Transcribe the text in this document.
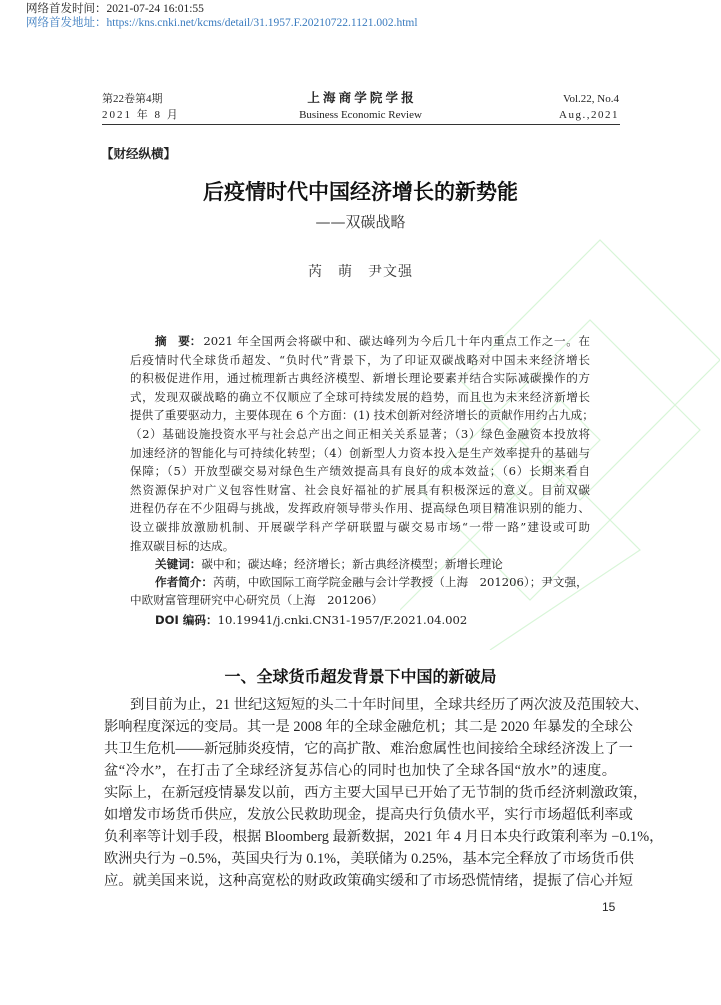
网络首发时间：2021-07-24 16:01:55
网络首发地址：https://kns.cnki.net/kcms/detail/31.1957.F.20210722.1121.002.html
第22卷第4期
2021 年 8 月
上 海 商 学 院 学 报
Business Economic Review
Vol.22, No.4
Aug.,2021
【财经纵横】
后疫情时代中国经济增长的新势能
——双碳战略
芮　萌　尹文强
摘　要： 2021 年全国两会将碳中和、碳达峰列为今后几十年内重点工作之一。在
后疫情时代全球货币超发、“负时代”背景下，为了印证双碳战略对中国未来经济增长
的积极促进作用，通过梳理新古典经济模型、新增长理论要素并结合实际减碳操作的方
式，发现双碳战略的确立不仅顺应了全球可持续发展的趋势，而且也为未来经济新增长
提供了重要驱动力，主要体现在 6 个方面：(1) 技术创新对经济增长的贡献作用约占九成；
（2）基础设施投资水平与社会总产出之间正相关关系显著；（3）绿色金融资本投放将
加速经济的智能化与可持续化转型；（4）创新型人力资本投入是生产效率提升的基础与
保障；（5）开放型碳交易对绿色生产绩效提高具有良好的成本效益；（6）长期来看自
然资源保护对广义包容性财富、社会良好福祉的扩展具有积极深远的意义。目前双碳
进程仍存在不少阻碍与挑战，发挥政府领导带头作用、提高绿色项目精准识别的能力、
设立碳排放激励机制、开展碳学科产学研联盟与碳交易市场“一带一路”建设或可助
推双碳目标的达成。
关键词：碳中和；碳达峰；经济增长；新古典经济模型；新增长理论
作者简介：芮萌，中欧国际工商学院金融与会计学教授（上海　201206）；尹文强，
中欧财富管理研究中心研究员（上海　201206）
DOI 编码：10.19941/j.cnki.CN31-1957/F.2021.04.002
一、全球货币超发背景下中国的新破局
到目前为止，21 世纪这短短的头二十年时间里，全球共经历了两次波及范围较大、
影响程度深远的变局。其一是 2008 年的全球金融危机；其二是 2020 年暴发的全球公
共卫生危机——新冠肺炎疫情，它的高扩散、难治愈属性也间接给全球经济泼上了一
盆“冷水”，在打击了全球经济复苏信心的同时也加快了全球各国“放水”的速度。
实际上，在新冠疫情暴发以前，西方主要大国早已开始了无节制的货币经济刺激政策，
如增发市场货币供应，发放公民救助现金，提高央行负债水平，实行市场超低利率或
负利率等计划手段，根据 Bloomberg 最新数据，2021 年 4 月日本央行政策利率为 −0.1%，
欧洲央行为 −0.5%，英国央行为 0.1%，美联储为 0.25%，基本完全释放了市场货币供
应。就美国来说，这种高宽松的财政政策确实缓和了市场恐慌情绪，提振了信心并短
15
